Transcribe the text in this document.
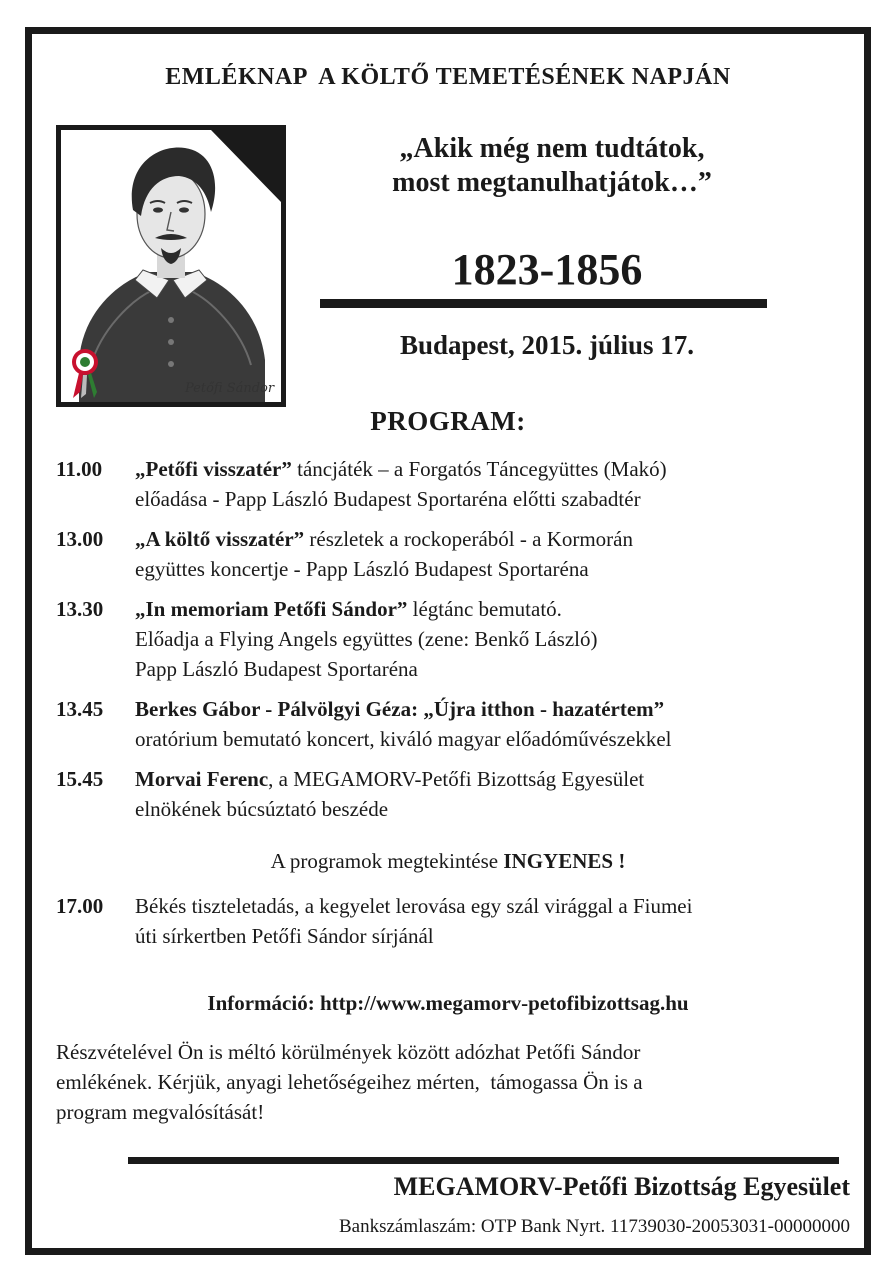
EMLÉKNAP  A KÖLTŐ TEMETÉSÉNEK NAPJÁN
Petőfi Sándor
„Akik még nem tudtátok,
most megtanulhatjátok…”
1823-1856
Budapest, 2015. július 17.
PROGRAM:
11.00	„Petőfi visszatér” táncjáték – a Forgatós Táncegyüttes (Makó)
előadása - Papp László Budapest Sportaréna előtti szabadtér
13.00	„A költő visszatér” részletek a rockoperából - a Kormorán
együttes koncertje - Papp László Budapest Sportaréna
13.30	„In memoriam Petőfi Sándor” légtánc bemutató.
Előadja a Flying Angels együttes (zene: Benkő László)
Papp László Budapest Sportaréna
13.45	Berkes Gábor - Pálvölgyi Géza: „Újra itthon - hazatértem”
oratórium bemutató koncert, kiváló magyar előadóművészekkel
15.45	Morvai Ferenc, a MEGAMORV-Petőfi Bizottság Egyesület
elnökének búcsúztató beszéde
A programok megtekintése INGYENES !
17.00	Békés tiszteletadás, a kegyelet lerovása egy szál virággal a Fiumei
úti sírkertben Petőfi Sándor sírjánál
Információ: http://www.megamorv-petofibizottsag.hu
Részvételével Ön is méltó körülmények között adózhat Petőfi Sándor
emlékének. Kérjük, anyagi lehetőségeihez mérten,  támogassa Ön is a
program megvalósítását!
MEGAMORV-Petőfi Bizottság Egyesület
Bankszámlaszám: OTP Bank Nyrt. 11739030-20053031-00000000
